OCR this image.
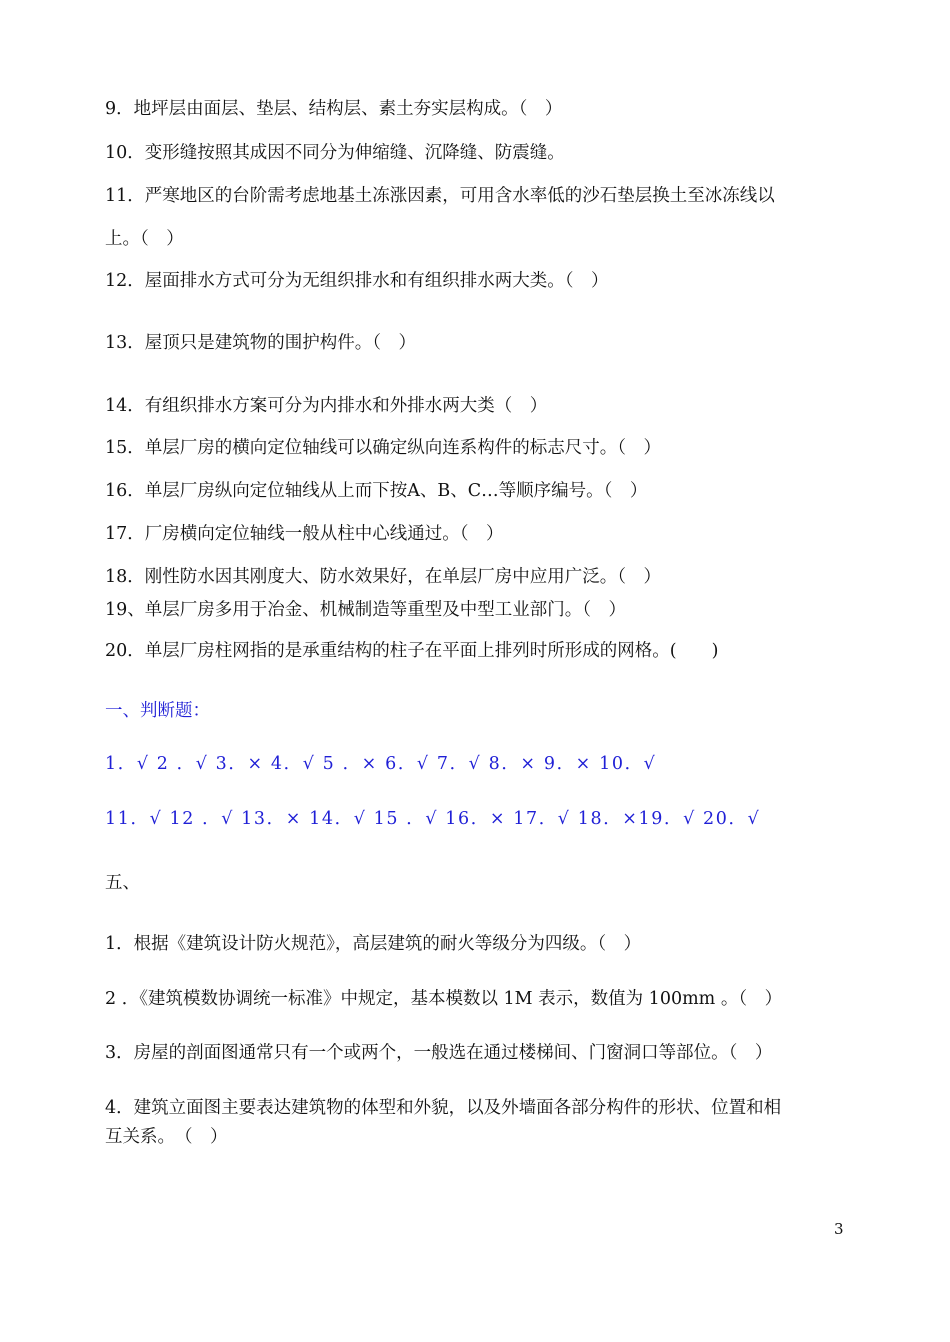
9．地坪层由面层、垫层、结构层、素土夯实层构成。（　）

10．变形缝按照其成因不同分为伸缩缝、沉降缝、防震缝。

11．严寒地区的台阶需考虑地基土冻涨因素，可用含水率低的沙石垫层换土至冰冻线以

上。（　）

12．屋面排水方式可分为无组织排水和有组织排水两大类。（　）

13．屋顶只是建筑物的围护构件。（　）

14．有组织排水方案可分为内排水和外排水两大类（　）

15．单层厂房的横向定位轴线可以确定纵向连系构件的标志尺寸。（　）

16．单层厂房纵向定位轴线从上而下按A、B、C…等顺序编号。（　）

17．厂房横向定位轴线一般从柱中心线通过。（　）

18．刚性防水因其刚度大、防水效果好，在单层厂房中应用广泛。（　）

19、单层厂房多用于冶金、机械制造等重型及中型工业部门。（　）

20．单层厂房柱网指的是承重结构的柱子在平面上排列时所形成的网格。(　　)

一、判断题：

1．√ 2 ．√ 3．× 4．√ 5 ．× 6．√ 7．√ 8．× 9．× 10．√

11．√ 12 ．√ 13．× 14．√ 15 ．√ 16．× 17．√ 18．×19．√ 20．√

五、

1．根据《建筑设计防火规范》，高层建筑的耐火等级分为四级。（　）

2 ．《建筑模数协调统一标准》中规定，基本模数以 1M 表示，数值为 100mm 。（　）

3．房屋的剖面图通常只有一个或两个，一般选在通过楼梯间、门窗洞口等部位。（　）

4．建筑立面图主要表达建筑物的体型和外貌，以及外墙面各部分构件的形状、位置和相

互关系。　（　）

3
